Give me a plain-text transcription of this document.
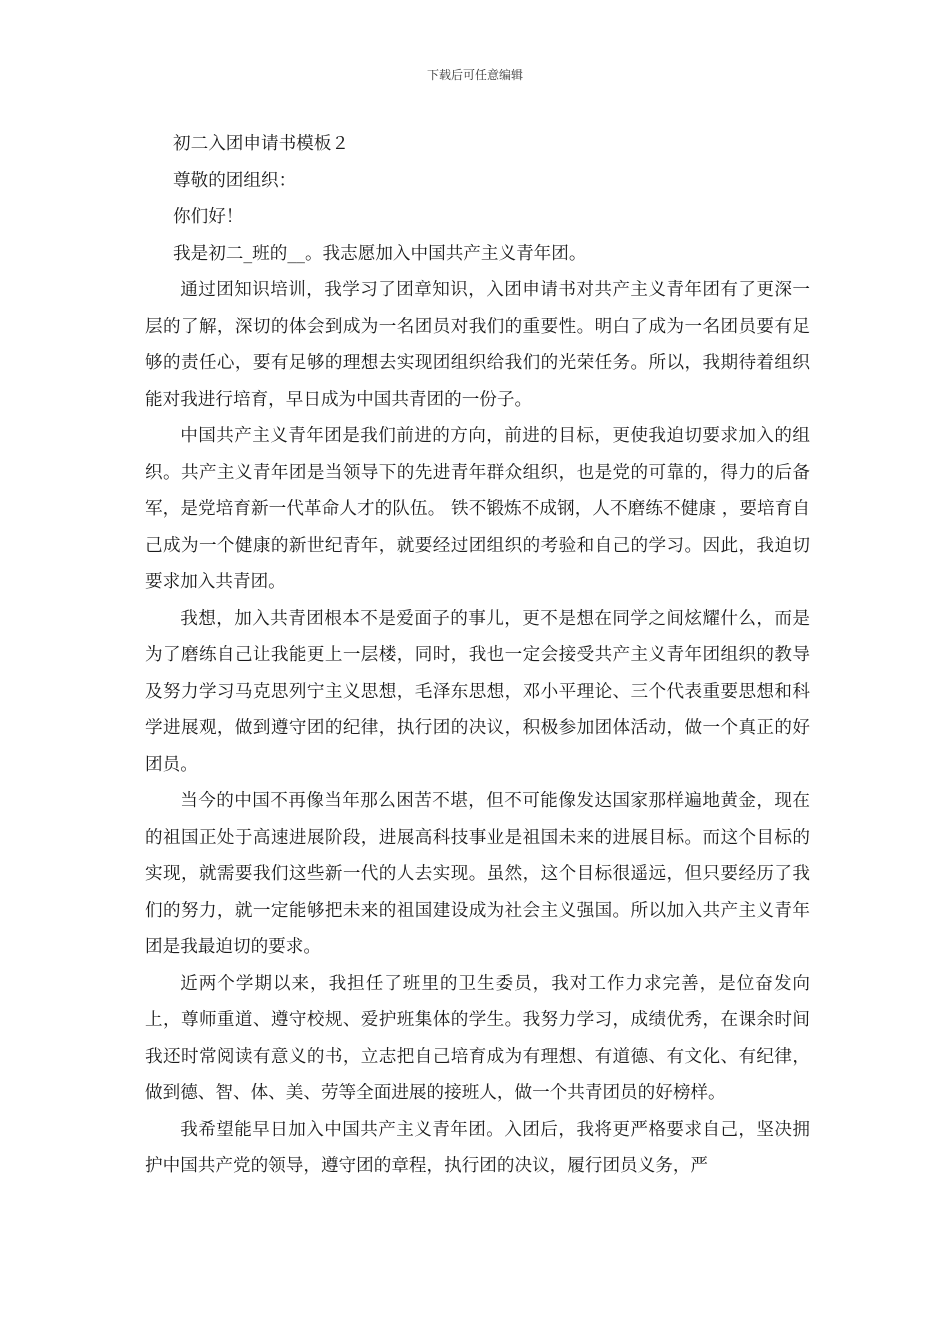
下载后可任意编辑
初二入团申请书模板２
尊敬的团组织：
你们好！
我是初二_班的__。我志愿加入中国共产主义青年团。

通过团知识培训，我学习了团章知识，入团申请书对共产主义青年团有了更深一层的了解，深切的体会到成为一名团员对我们的重要性。明白了成为一名团员要有足够的责任心，要有足够的理想去实现团组织给我们的光荣任务。所以，我期待着组织能对我进行培育，早日成为中国共青团的一份子。

中国共产主义青年团是我们前进的方向，前进的目标，更使我迫切要求加入的组织。共产主义青年团是当领导下的先进青年群众组织，也是党的可靠的，得力的后备军，是党培育新一代革命人才的队伍。 铁不锻炼不成钢，人不磨练不健康 ，要培育自己成为一个健康的新世纪青年，就要经过团组织的考验和自己的学习。因此，我迫切要求加入共青团。

我想，加入共青团根本不是爱面子的事儿，更不是想在同学之间炫耀什么，而是为了磨练自己让我能更上一层楼，同时，我也一定会接受共产主义青年团组织的教导及努力学习马克思列宁主义思想，毛泽东思想，邓小平理论、三个代表重要思想和科学进展观，做到遵守团的纪律，执行团的决议，积极参加团体活动，做一个真正的好团员。

当今的中国不再像当年那么困苦不堪，但不可能像发达国家那样遍地黄金，现在的祖国正处于高速进展阶段，进展高科技事业是祖国未来的进展目标。而这个目标的实现，就需要我们这些新一代的人去实现。虽然，这个目标很遥远，但只要经历了我们的努力，就一定能够把未来的祖国建设成为社会主义强国。所以加入共产主义青年团是我最迫切的要求。

近两个学期以来，我担任了班里的卫生委员，我对工作力求完善，是位奋发向上，尊师重道、遵守校规、爱护班集体的学生。我努力学习，成绩优秀，在课余时间我还时常阅读有意义的书，立志把自己培育成为有理想、有道德、有文化、有纪律，做到德、智、体、美、劳等全面进展的接班人，做一个共青团员的好榜样。

我希望能早日加入中国共产主义青年团。入团后，我将更严格要求自己，坚决拥护中国共产党的领导，遵守团的章程，执行团的决议，履行团员义务，严
